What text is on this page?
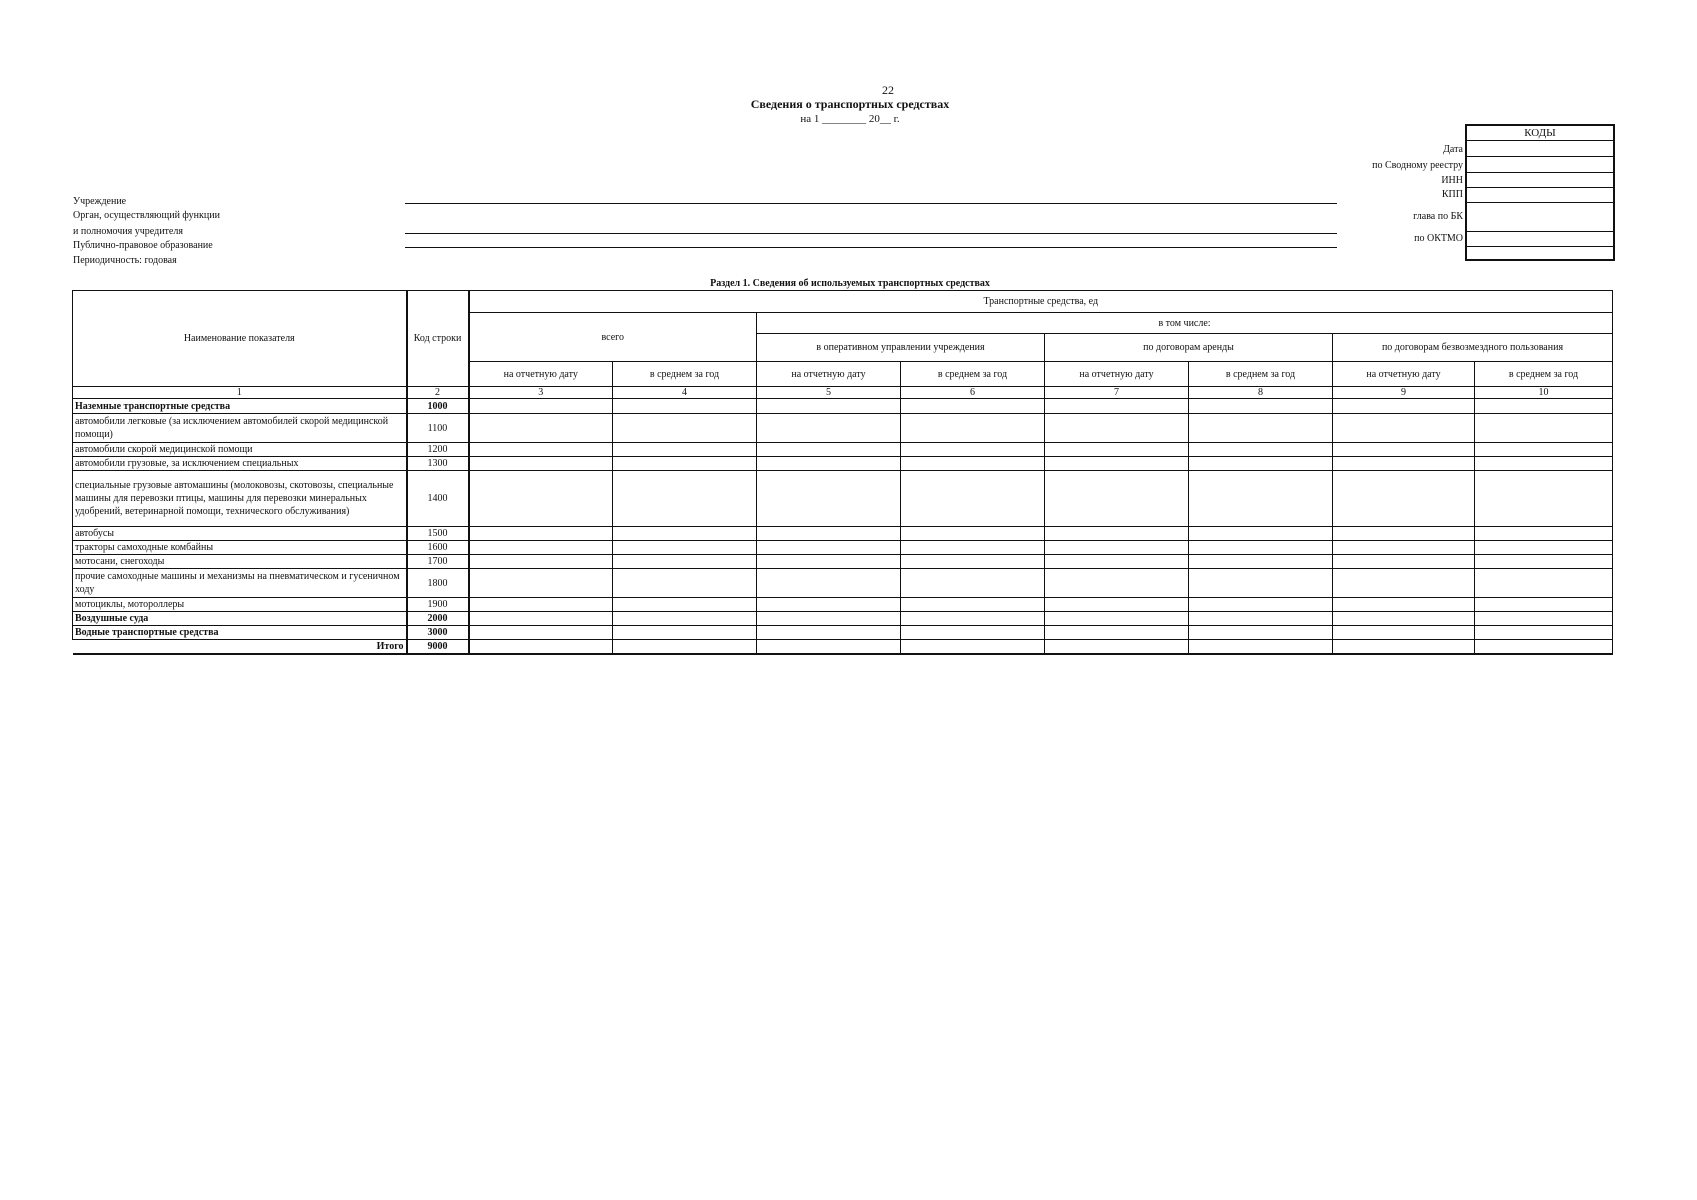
22
Сведения о транспортных средствах
на 1 ________ 20__ г.
КОДЫ
Дата
по Сводному реестру
ИНН
КПП
глава по БК
по ОКТМО
Учреждение
Орган, осуществляющий функции
и полномочия учредителя
Публично-правовое образование
Периодичность: годовая
Раздел 1. Сведения об используемых транспортных средствах
Наименование показателя	Код строки	Транспортные средства, ед							
		всего		в том числе:					
				в оперативном управлении учреждения		по договорам аренды		по договорам безвозмездного пользования	
		на отчетную дату	в среднем за год	на отчетную дату	в среднем за год	на отчетную дату	в среднем за год	на отчетную дату	в среднем за год
1	2	3	4	5	6	7	8	9	10
Наземные транспортные средства	1000								
автомобили легковые (за исключением автомобилей скорой медицинской помощи)	1100								
автомобили скорой медицинской помощи	1200								
автомобили грузовые, за исключением специальных	1300								
специальные грузовые автомашины (молоковозы, скотовозы, специальные машины для перевозки птицы, машины для перевозки минеральных удобрений, ветеринарной помощи, технического обслуживания)	1400								
автобусы	1500								
тракторы самоходные комбайны	1600								
мотосани, снегоходы	1700								
прочие самоходные машины и механизмы на пневматическом и гусеничном ходу	1800								
мотоциклы, мотороллеры	1900								
Воздушные суда	2000								
Водные транспортные средства	3000								
Итого	9000								
